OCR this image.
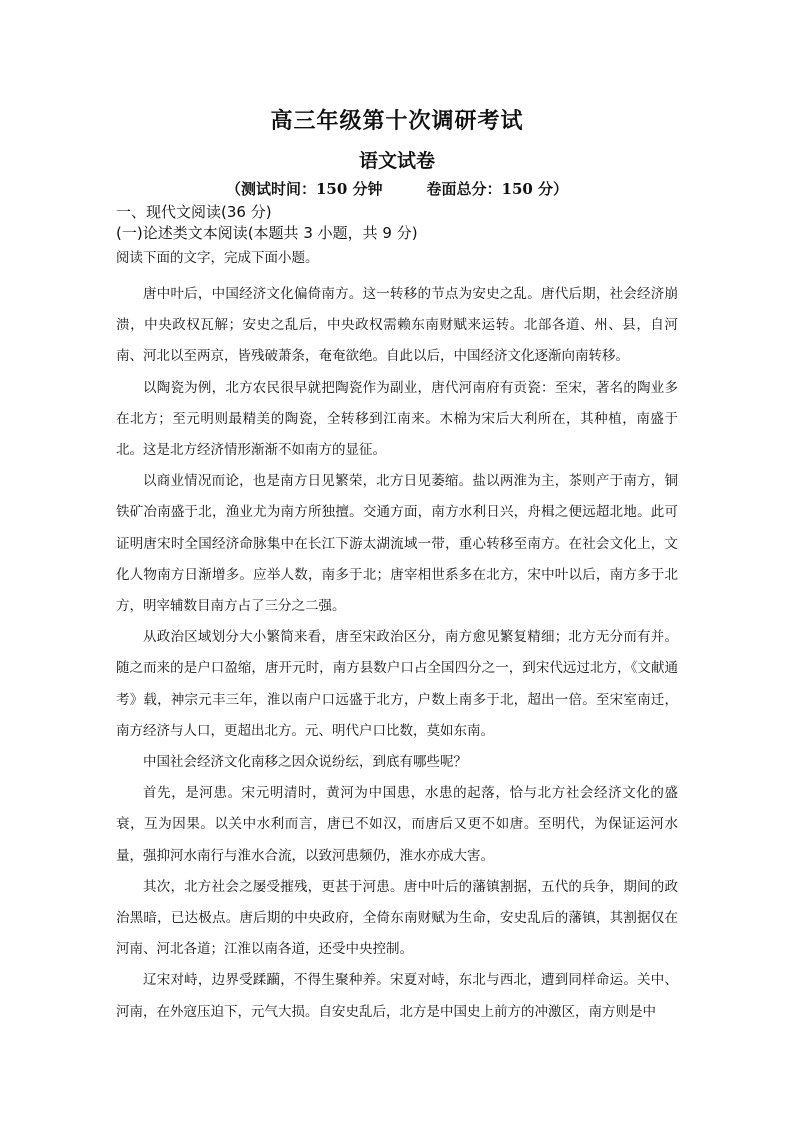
高三年级第十次调研考试
语文试卷
（测试时间：150 分钟	卷面总分：150 分）
一、现代文阅读(36 分)
(一)论述类文本阅读(本题共 3 小题，共 9 分)
阅读下面的文字，完成下面小题。

唐中叶后，中国经济文化偏倚南方。这一转移的节点为安史之乱。唐代后期，社会经济崩溃，中央政权瓦解；安史之乱后，中央政权需赖东南财赋来运转。北部各道、州、县，自河南、河北以至两京，皆残破萧条，奄奄欲绝。自此以后，中国经济文化逐渐向南转移。

以陶瓷为例，北方农民很早就把陶瓷作为副业，唐代河南府有贡瓷：至宋，著名的陶业多在北方；至元明则最精美的陶瓷，全转移到江南来。木棉为宋后大利所在，其种植，南盛于北。这是北方经济情形渐渐不如南方的显征。

以商业情况而论，也是南方日见繁荣，北方日见萎缩。盐以两淮为主，茶则产于南方，铜铁矿冶南盛于北，渔业尤为南方所独擅。交通方面，南方水利日兴，舟楫之便远超北地。此可证明唐宋时全国经济命脉集中在长江下游太湖流域一带，重心转移至南方。在社会文化上，文化人物南方日渐增多。应举人数，南多于北；唐宰相世系多在北方，宋中叶以后，南方多于北方，明宰辅数目南方占了三分之二强。

从政治区域划分大小繁简来看，唐至宋政治区分，南方愈见繁复精细；北方无分而有并。随之而来的是户口盈缩，唐开元时，南方县数户口占全国四分之一，到宋代远过北方，《文献通考》载，神宗元丰三年，淮以南户口远盛于北方，户数上南多于北，超出一倍。至宋室南迁，南方经济与人口，更超出北方。元、明代户口比数，莫如东南。

中国社会经济文化南移之因众说纷纭，到底有哪些呢？

首先，是河患。宋元明清时，黄河为中国患，水患的起落，恰与北方社会经济文化的盛衰，互为因果。以关中水利而言，唐已不如汉，而唐后又更不如唐。至明代，为保证运河水量，强抑河水南行与淮水合流，以致河患频仍，淮水亦成大害。

其次，北方社会之屡受摧残，更甚于河患。唐中叶后的藩镇割据，五代的兵争，期间的政治黑暗，已达极点。唐后期的中央政府，全倚东南财赋为生命，安史乱后的藩镇，其割据仅在河南、河北各道；江淮以南各道，还受中央控制。

辽宋对峙，边界受蹂躏，不得生聚种养。宋夏对峙，东北与西北，遭到同样命运。关中、河南，在外寇压迫下，元气大损。自安史乱后，北方是中国史上前方的冲激区，南方则是中
